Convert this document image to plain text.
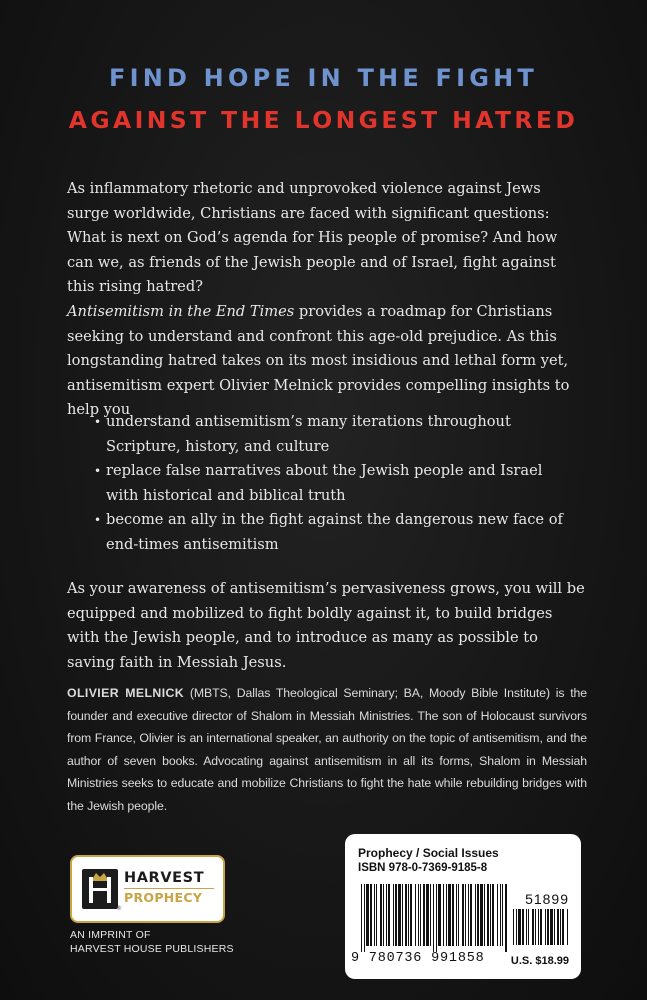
FIND HOPE IN THE FIGHT
AGAINST THE LONGEST HATRED
As inflammatory rhetoric and unprovoked violence against Jews surge worldwide, Christians are faced with significant questions: What is next on God’s agenda for His people of promise? And how can we, as friends of the Jewish people and of Israel, fight against this rising hatred?
Antisemitism in the End Times provides a roadmap for Christians seeking to understand and confront this age-old prejudice. As this longstanding hatred takes on its most insidious and lethal form yet, antisemitism expert Olivier Melnick provides compelling insights to help you
• understand antisemitism’s many iterations throughout Scripture, history, and culture
• replace false narratives about the Jewish people and Israel with historical and biblical truth
• become an ally in the fight against the dangerous new face of end-times antisemitism
As your awareness of antisemitism’s pervasiveness grows, you will be equipped and mobilized to fight boldly against it, to build bridges with the Jewish people, and to introduce as many as possible to saving faith in Messiah Jesus.
OLIVIER MELNICK (MBTS, Dallas Theological Seminary; BA, Moody Bible Institute) is the founder and executive director of Shalom in Messiah Ministries. The son of Holocaust survivors from France, Olivier is an international speaker, an authority on the topic of antisemitism, and the author of seven books. Advocating against antisemitism in all its forms, Shalom in Messiah Ministries seeks to educate and mobilize Christians to fight the hate while rebuilding bridges with the Jewish people.
HARVEST
PROPHECY
®
AN IMPRINT OF
HARVEST HOUSE PUBLISHERS
Prophecy / Social Issues
ISBN 978-0-7369-9185-8
51899
9 780736 991858 U.S. $18.99
